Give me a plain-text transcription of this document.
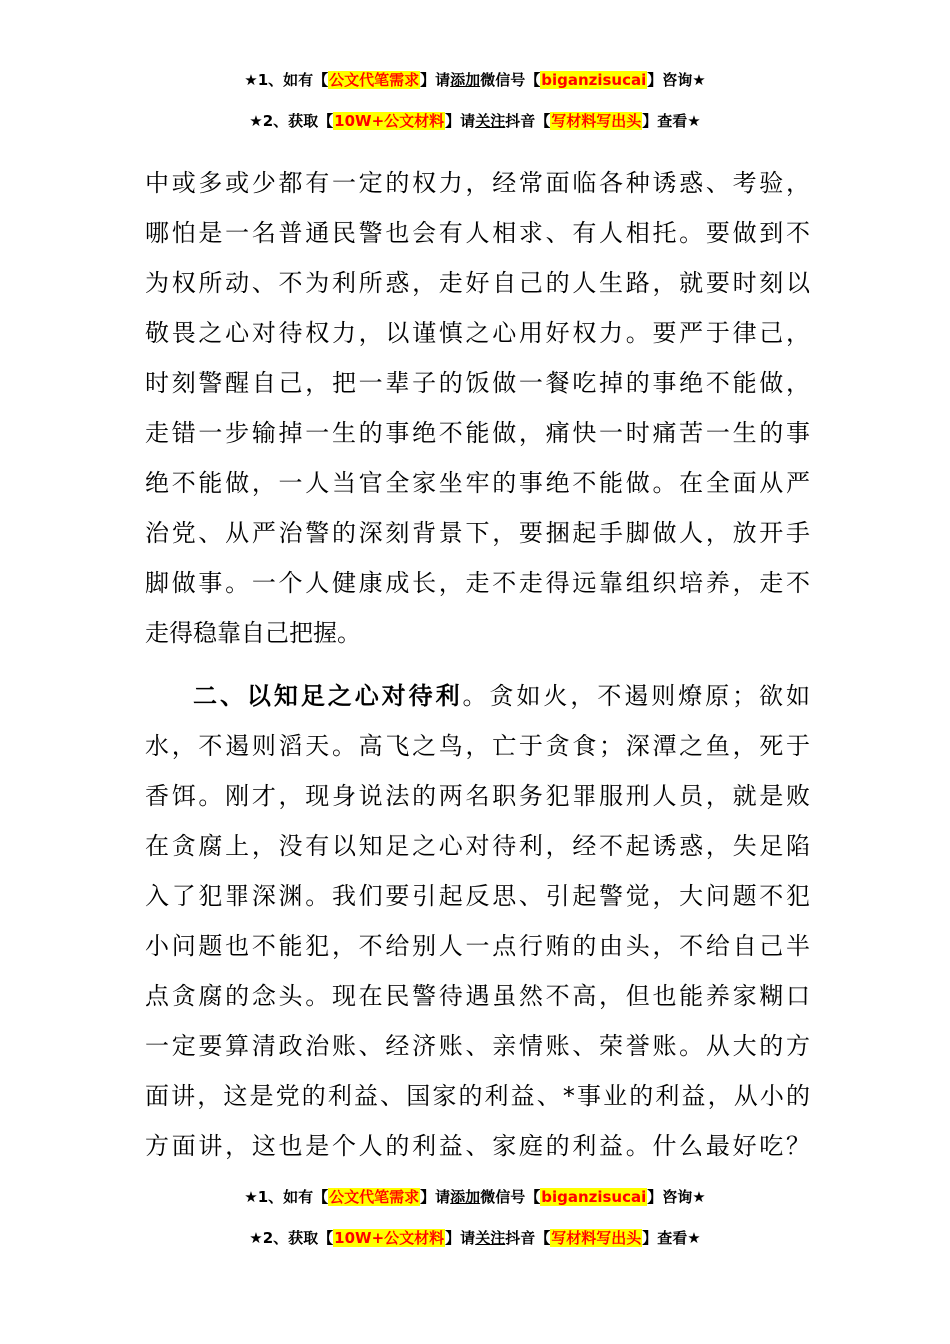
★1、如有【公文代笔需求】请添加微信号【biganzisucai】咨询★
★2、获取【10W+公文材料】请关注抖音【写材料写出头】查看★
中或多或少都有一定的权力，经常面临各种诱惑、考验，
哪怕是一名普通民警也会有人相求、有人相托。要做到不
为权所动、不为利所惑，走好自己的人生路，就要时刻以
敬畏之心对待权力，以谨慎之心用好权力。要严于律己，
时刻警醒自己，把一辈子的饭做一餐吃掉的事绝不能做，
走错一步输掉一生的事绝不能做，痛快一时痛苦一生的事
绝不能做，一人当官全家坐牢的事绝不能做。在全面从严
治党、从严治警的深刻背景下，要捆起手脚做人，放开手
脚做事。一个人健康成长，走不走得远靠组织培养，走不
走得稳靠自己把握。
二、以知足之心对待利。贪如火，不遏则燎原；欲如
水，不遏则滔天。高飞之鸟，亡于贪食；深潭之鱼，死于
香饵。刚才，现身说法的两名职务犯罪服刑人员，就是败
在贪腐上，没有以知足之心对待利，经不起诱惑，失足陷
入了犯罪深渊。我们要引起反思、引起警觉，大问题不犯
小问题也不能犯，不给别人一点行贿的由头，不给自己半
点贪腐的念头。现在民警待遇虽然不高，但也能养家糊口
一定要算清政治账、经济账、亲情账、荣誉账。从大的方
面讲，这是党的利益、国家的利益、*事业的利益，从小的
方面讲，这也是个人的利益、家庭的利益。什么最好吃？
★1、如有【公文代笔需求】请添加微信号【biganzisucai】咨询★
★2、获取【10W+公文材料】请关注抖音【写材料写出头】查看★
